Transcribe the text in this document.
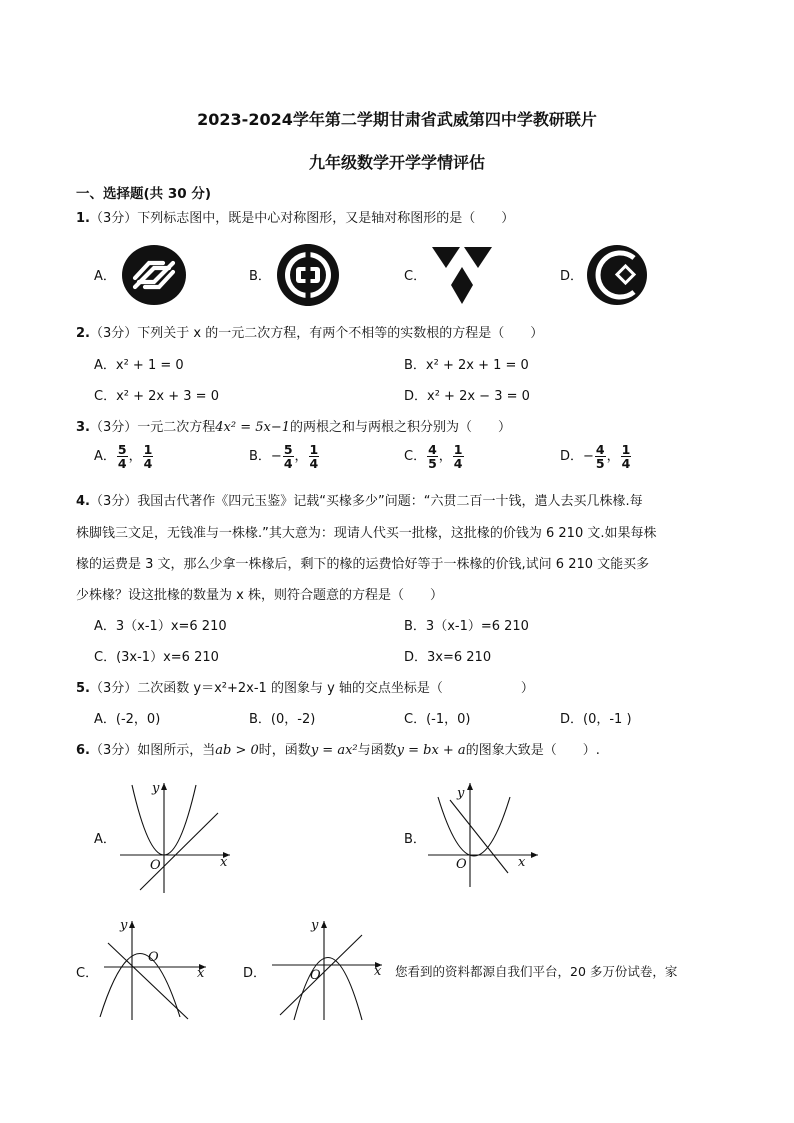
2023-2024学年第二学期甘肃省武威第四中学教研联片
九年级数学开学学情评估
一、选择题(共 30 分)
1.（3分）下列标志图中，既是中心对称图形，又是轴对称图形的是（　　）
A．	B．	C．	D．
2.（3分）下列关于 x 的一元二次方程，有两个不相等的实数根的方程是（　　）
A．x² + 1 = 0	B．x² + 2x + 1 = 0
C．x² + 2x + 3 = 0	D．x² + 2x − 3 = 0
3.（3分）一元二次方程4x² = 5x−1的两根之和与两根之积分别为（　　）
A． $\frac{5}{4}$ ， $\frac{1}{4}$	B．− $\frac{5}{4}$ ， $\frac{1}{4}$	C． $\frac{4}{5}$ ， $\frac{1}{4}$	D．− $\frac{4}{5}$ ， $\frac{1}{4}$
4.（3分）我国古代著作《四元玉鉴》记载“买椽多少”问题：“六贯二百一十钱，遣人去买几株椽.每
株脚钱三文足，无钱准与一株椽.”其大意为：现请人代买一批椽，这批椽的价钱为 6 210 文.如果每株
椽的运费是 3 文，那么少拿一株椽后，剩下的椽的运费恰好等于一株椽的价钱,试问 6 210 文能买多
少株椽？设这批椽的数量为 x 株，则符合题意的方程是（　　）
A．3（x-1）x=6 210	B．3（x-1）=6 210
C．(3x-1）x=6 210	D．3x=6 210
5.（3分）二次函数 y＝x²+2x-1 的图象与 y 轴的交点坐标是（　　　　　　）
A．(-2，0)	B．(0，-2)	C．(-1，0)	D．(0，-1 )
6.（3分）如图所示，当ab > 0时，函数y = ax²与函数y = bx + a的图象大致是（　　）.
A．
y
x
O
B．
y
x
O
C．
y
x
O
D．
y
x
O	您看到的资料都源自我们平台，20 多万份试卷，家
